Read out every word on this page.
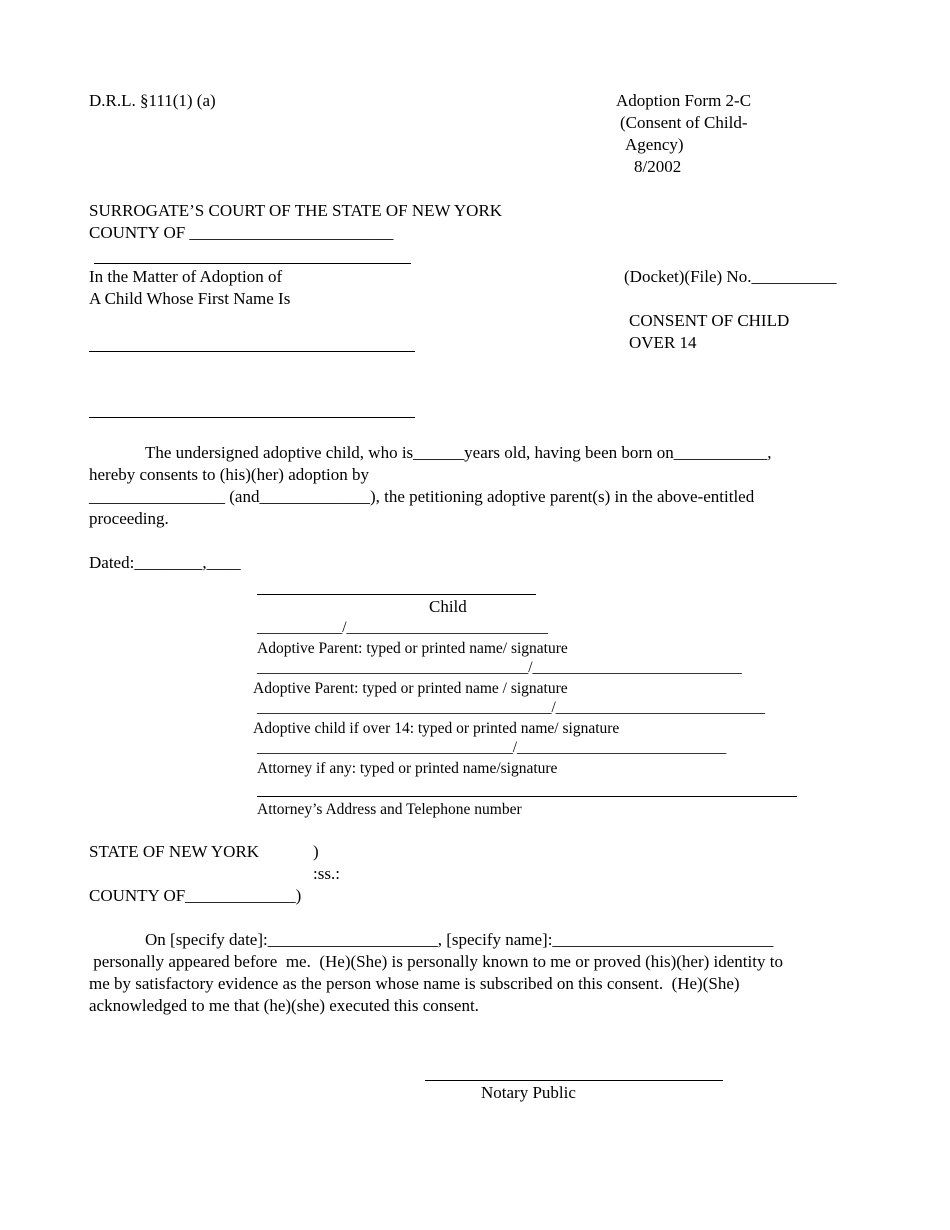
D.R.L. §111(1) (a)	Adoption Form 2-C
(Consent of Child-
Agency)
8/2002
SURROGATE’S COURT OF THE STATE OF NEW YORK
COUNTY OF ________________________
In the Matter of Adoption of
A Child Whose First Name Is
(Docket)(File) No.__________
CONSENT OF CHILD
OVER 14
The undersigned adoptive child, who is______years old, having been born on___________,
hereby consents to (his)(her) adoption by
________________ (and_____________), the petitioning adoptive parent(s) in the above-entitled
proceeding.
Dated:________,____
Child
___________/__________________________
Adoptive Parent: typed or printed name/ signature
___________________________________/___________________________
Adoptive Parent: typed or printed name / signature
______________________________________/___________________________
Adoptive child if over 14: typed or printed name/ signature
_________________________________/___________________________
Attorney if any: typed or printed name/signature
Attorney’s Address and Telephone number
STATE OF NEW YORK	)
:ss.:
COUNTY OF_____________)
On [specify date]:____________________, [specify name]:__________________________
personally appeared before  me.  (He)(She) is personally known to me or proved (his)(her) identity to
me by satisfactory evidence as the person whose name is subscribed on this consent.  (He)(She)
acknowledged to me that (he)(she) executed this consent.
Notary Public
